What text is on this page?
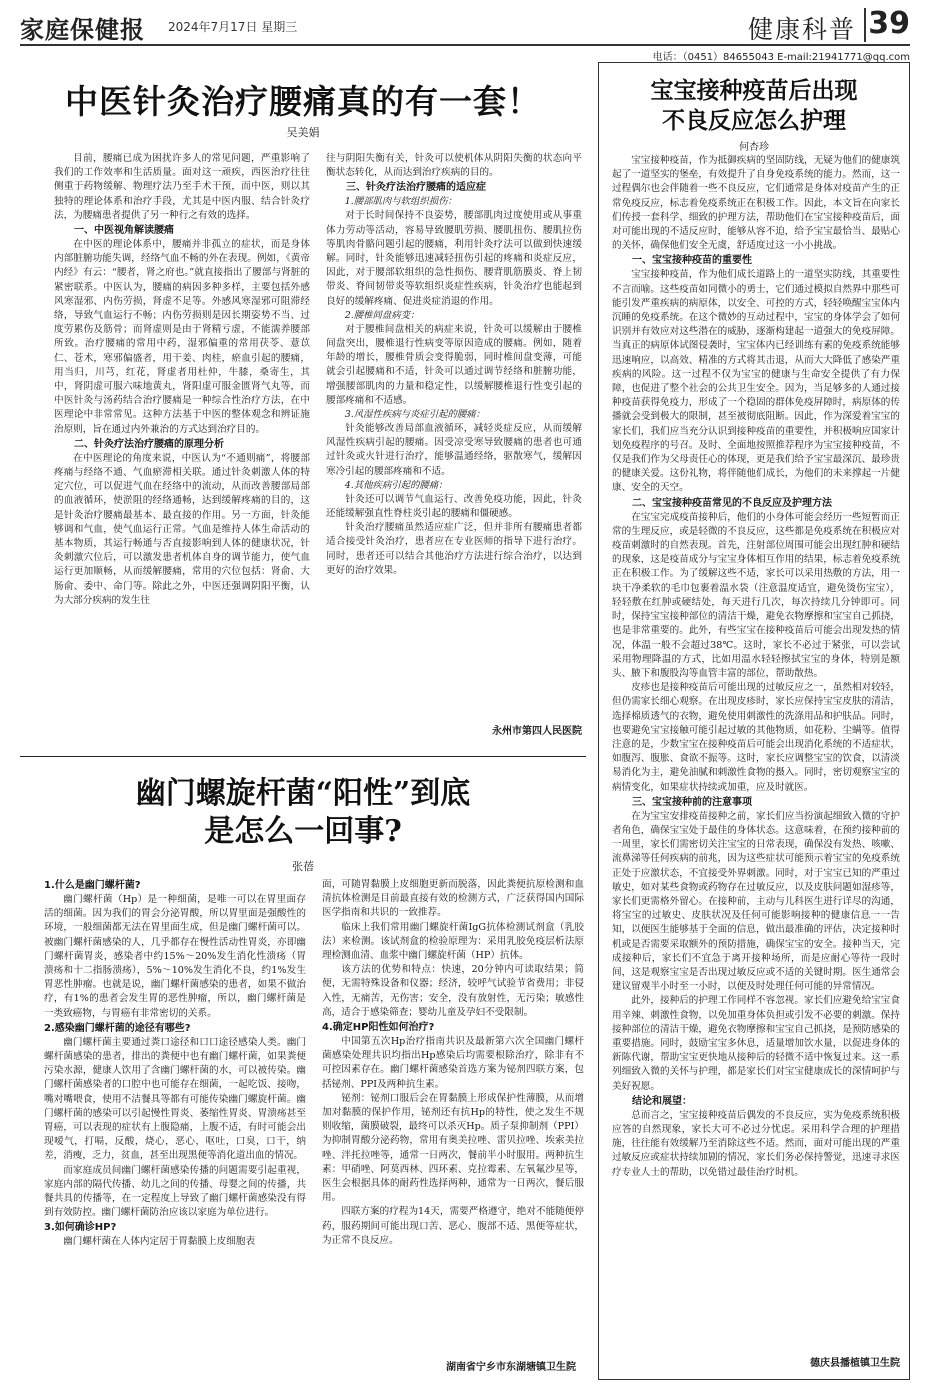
家庭保健报 2024年7月17日 星期三	健康科普 39
电话：（0451）84655043 E-mail:21941771@qq.com
中医针灸治疗腰痛真的有一套！
吴美娟
目前，腰痛已成为困扰许多人的常见问题，严重影响了我们的工作效率和生活质量。面对这一顽疾，西医治疗往往侧重于药物缓解、物理疗法乃至手术干预，而中医，则以其独特的理论体系和治疗手段，尤其是中医内服、结合针灸疗法，为腰痛患者提供了另一种行之有效的选择。
一、中医视角解读腰痛
在中医的理论体系中，腰痛并非孤立的症状，而是身体内部脏腑功能失调，经络气血不畅的外在表现。例如，《黄帝内经》有云：“腰者，肾之府也。”就直接指出了腰部与肾脏的紧密联系。中医认为，腰痛的病因多种多样，主要包括外感风寒湿邪、内伤劳损，肾虚不足等。外感风寒湿邪可阻滞经络，导致气血运行不畅；内伤劳损则是因长期姿势不当、过度劳累伤及筋骨；而肾虚则是由于肾精亏虚，不能濡养腰部所致。治疗腰痛的常用中药，湿邪偏重的常用茯苓、薏苡仁、苍术，寒邪偏盛者，用干姜、肉桂，瘀血引起的腰痛，用当归，川芎，红花，肾虚者用杜仲，牛膝，桑寄生，其中，肾阴虚可服六味地黄丸，肾阳虚可服金匮肾气丸等，而中医针灸与汤药结合治疗腰痛是一种综合性治疗方法，在中医理论中非常常见。这种方法基于中医的整体观念和辨证施治原则，旨在通过内外兼治的方式达到治疗目的。
二、针灸疗法治疗腰痛的原理分析
在中医理论的角度来说，中医认为“不通则痛”，将腰部疼痛与经络不通、气血瘀滞相关联。通过针灸刺激人体的特定穴位，可以促进气血在经络中的流动，从而改善腰部局部的血液循环，使淤阻的经络通畅，达到缓解疼痛的目的，这是针灸治疗腰痛最基本、最直接的作用。另一方面，针灸能够调和气血，使气血运行正常。气血是维持人体生命活动的基本物质，其运行畅通与否直接影响到人体的健康状况，针灸刺激穴位后，可以激发患者机体自身的调节能力，使气血运行更加顺畅，从而缓解腰痛，常用的穴位包括：肾俞、大肠俞、委中、命门等。除此之外，中医还强调阴阳平衡，认为大部分疾病的发生往
往与阴阳失衡有关，针灸可以使机体从阴阳失衡的状态向平衡状态转化，从而达到治疗疾病的目的。
三、针灸疗法治疗腰痛的适应症
1.腰部肌肉与软组织损伤：
对于长时间保持不良姿势，腰部肌肉过度使用或从事重体力劳动等活动，容易导致腰肌劳损、腰肌扭伤、腰肌拉伤等肌肉骨骼问题引起的腰痛，利用针灸疗法可以做到快速缓解。同时，针灸能够迅速减轻扭伤引起的疼痛和炎症反应，因此，对于腰部软组织的急性损伤、腰背肌筋膜炎、脊上韧带炎、脊间韧带炎等软组织炎症性疾病，针灸治疗也能起到良好的缓解疼痛、促进炎症消退的作用。
2.腰椎间盘病变：
对于腰椎间盘相关的病症来说，针灸可以缓解由于腰椎间盘突出，腰椎退行性病变等原因造成的腰痛。例如，随着年龄的增长，腰椎骨质会变得脆弱，同时椎间盘变薄，可能就会引起腰痛和不适，针灸可以通过调节经络和脏腑功能，增强腰部肌肉的力量和稳定性，以缓解腰椎退行性变引起的腰部疼痛和不适感。
3.风湿性疾病与炎症引起的腰痛：
针灸能够改善局部血液循环，减轻炎症反应，从而缓解风湿性疾病引起的腰痛。因受凉受寒导致腰痛的患者也可通过针灸或火针进行治疗，能够温通经络，驱散寒气，缓解因寒冷引起的腰部疼痛和不适。
4.其他疾病引起的腰痛：
针灸还可以调节气血运行、改善免疫功能，因此，针灸还能缓解强直性脊柱炎引起的腰痛和僵硬感。
针灸治疗腰痛虽然适应症广泛，但并非所有腰痛患者都适合接受针灸治疗，患者应在专业医师的指导下进行治疗。同时，患者还可以结合其他治疗方法进行综合治疗，以达到更好的治疗效果。
永州市第四人民医院
幽门螺旋杆菌“阳性”到底
是怎么一回事?
张蓓
1.什么是幽门螺杆菌?
幽门螺杆菌（Hp）是一种细菌，是唯一可以在胃里面存活的细菌。因为我们的胃会分泌胃酸，所以胃里面是强酸性的环境，一般细菌都无法在胃里面生成，但是幽门螺杆菌可以。被幽门螺杆菌感染的人，几乎都存在慢性活动性胃炎，亦即幽门螺杆菌胃炎，感染者中约15%～20%发生消化性溃疡（胃溃疡和十二指肠溃疡），5%～10%发生消化不良，约1%发生胃恶性肿瘤。也就是说，幽门螺杆菌感染的患者，如果不做治疗，有1%的患者会发生胃的恶性肿瘤，所以，幽门螺杆菌是一类致癌物，与胃癌有非常密切的关系。
2.感染幽门螺杆菌的途径有哪些?
幽门螺杆菌主要通过粪口途径和口口途径感染人类。幽门螺杆菌感染的患者，排出的粪便中也有幽门螺杆菌，如果粪便污染水源，健康人饮用了含幽门螺杆菌的水，可以被传染。幽门螺杆菌感染者的口腔中也可能存在细菌，一起吃饭、接吻，嘴对嘴喂食，使用不洁餐具等都有可能传染幽门螺旋杆菌。幽门螺杆菌的感染可以引起慢性胃炎、萎缩性胃炎、胃溃疡甚至胃癌，可以表现的症状有上腹隐痛，上腹不适，有时可能会出现嗳气，打嗝，反酸，烧心，恶心，呕吐，口臭，口干，纳差，消瘦，乏力，贫血，甚至出现黑便等消化道出血的情况。
而家庭成员间幽门螺杆菌感染传播的问题需要引起重视，家庭内部的隔代传播、幼儿之间的传播、母婴之间的传播，共餐共具的传播等，在一定程度上导致了幽门螺杆菌感染没有得到有效防控。幽门螺杆菌防治应该以家庭为单位进行。
3.如何确诊HP?
幽门螺杆菌在人体内定居于胃黏膜上皮细胞表
面，可随胃黏膜上皮细胞更新而脱落，因此粪便抗原检测和血清抗体检测是目前最直接有效的检测方式，广泛获得国内国际医学指南和共识的一致推荐。
临床上我们常用幽门螺旋杆菌IgG抗体检测试剂盒（乳胶法）来检测。该试剂盒的检验原理为：采用乳胶免疫层析法原理检测血清、血浆中幽门螺旋杆菌（HP）抗体。
该方法的优势和特点：快速，20分钟内可读取结果；简便，无需特殊设备和仪器；经济，较呼气试验节省费用；非侵入性，无痛苦，无伤害；安全，没有放射性，无污染；敏感性高，适合于感染筛查；婴幼儿童及孕妇不受限制。
4.确定HP阳性如何治疗?
中国第五次Hp治疗指南共识及最新第六次全国幽门螺杆菌感染处理共识均指出Hp感染后均需要根除治疗，除非有不可控因素存在。幽门螺杆菌感染首选方案为铋剂四联方案，包括铋剂、PPI及两种抗生素。
铋剂：铋剂口服后会在胃黏膜上形成保护性薄膜，从而增加对黏膜的保护作用，铋剂还有抗Hp的特性，使之发生不规则收缩，菌膜破裂，最终可以杀灭Hp。质子泵抑制剂（PPI）为抑制胃酸分泌药物，常用有奥美拉唑、雷贝拉唑、埃索美拉唑、泮托拉唑等，通常一日两次，餐前半小时服用。两种抗生素：甲硝唑、阿莫西林、四环素、克拉霉素、左氧氟沙星等，医生会根据具体的耐药性选择两种，通常为一日两次，餐后服用。
四联方案的疗程为14天，需要严格遵守，绝对不能随便停药，服药期间可能出现口苦、恶心、腹部不适、黑便等症状，为正常不良反应。
湖南省宁乡市东湖塘镇卫生院
宝宝接种疫苗后出现
不良反应怎么护理
何杏珍
宝宝接种疫苗，作为抵御疾病的坚固防线，无疑为他们的健康筑起了一道坚实的堡垒，有效提升了自身免疫系统的能力。然而，这一过程偶尔也会伴随着一些不良反应，它们通常是身体对疫苗产生的正常免疫反应，标志着免疫系统正在积极工作。因此，本文旨在向家长们传授一套科学、细致的护理方法，帮助他们在宝宝接种疫苗后，面对可能出现的不适反应时，能够从容不迫，给予宝宝最恰当、最贴心的关怀，确保他们安全无虞，舒适度过这一小小挑战。
一、宝宝接种疫苗的重要性
宝宝接种疫苗，作为他们成长道路上的一道坚实防线，其重要性不言而喻。这些疫苗如同微小的勇士，它们通过模拟自然界中那些可能引发严重疾病的病原体，以安全、可控的方式，轻轻唤醒宝宝体内沉睡的免疫系统。在这个微妙的互动过程中，宝宝的身体学会了如何识别并有效应对这些潜在的威胁，逐渐构建起一道强大的免疫屏障。当真正的病原体试图侵袭时，宝宝体内已经训练有素的免疫系统能够迅速响应，以高效、精准的方式将其击退，从而大大降低了感染严重疾病的风险。这一过程不仅为宝宝的健康与生命安全提供了有力保障，也促进了整个社会的公共卫生安全。因为，当足够多的人通过接种疫苗获得免疫力，形成了一个稳固的群体免疫屏障时，病原体的传播就会受到极大的限制，甚至被彻底阻断。因此，作为深爱着宝宝的家长们，我们应当充分认识到接种疫苗的重要性，并积极响应国家计划免疫程序的号召。及时、全面地按照推荐程序为宝宝接种疫苗，不仅是我们作为父母责任心的体现，更是我们给予宝宝最深沉、最珍贵的健康关爱。这份礼物，将伴随他们成长，为他们的未来撑起一片健康、安全的天空。
二、宝宝接种疫苗常见的不良反应及护理方法
在宝宝完成疫苗接种后，他们的小身体可能会经历一些短暂而正常的生理反应，或是轻微的不良反应，这些都是免疫系统在积极应对疫苗刺激时的自然表现。首先，注射部位周围可能会出现红肿和硬结的现象，这是疫苗成分与宝宝身体相互作用的结果，标志着免疫系统正在积极工作。为了缓解这些不适，家长可以采用热敷的方法，用一块干净柔软的毛巾包裹着温水袋（注意温度适宜，避免烫伤宝宝），轻轻敷在红肿或硬结处，每天进行几次，每次持续几分钟即可。同时，保持宝宝接种部位的清洁干燥，避免衣物摩擦和宝宝自己抓挠，也是非常重要的。此外，有些宝宝在接种疫苗后可能会出现发热的情况，体温一般不会超过38℃。这时，家长不必过于紧张，可以尝试采用物理降温的方式，比如用温水轻轻擦拭宝宝的身体，特别是额头、腋下和腹股沟等血管丰富的部位，帮助散热。
皮疹也是接种疫苗后可能出现的过敏反应之一，虽然相对较轻，但仍需家长细心观察。在出现皮疹时，家长应保持宝宝皮肤的清洁，选择棉质透气的衣物，避免使用刺激性的洗涤用品和护肤品。同时，也要避免宝宝接触可能引起过敏的其他物质，如花粉、尘螨等。值得注意的是，少数宝宝在接种疫苗后可能会出现消化系统的不适症状，如腹泻、腹胀、食欲不振等。这时，家长应调整宝宝的饮食，以清淡易消化为主，避免油腻和刺激性食物的摄入。同时，密切观察宝宝的病情变化，如果症状持续或加重，应及时就医。
三、宝宝接种前的注意事项
在为宝宝安排疫苗接种之前，家长们应当扮演起细致入微的守护者角色，确保宝宝处于最佳的身体状态。这意味着，在预约接种前的一周里，家长们需密切关注宝宝的日常表现，确保没有发热、咳嗽、流鼻涕等任何疾病的前兆，因为这些症状可能预示着宝宝的免疫系统正处于应激状态，不宜接受外界刺激。同时，对于宝宝已知的严重过敏史，如对某些食物或药物存在过敏反应，以及皮肤问题如湿疹等，家长们更需格外留心。在接种前，主动与儿科医生进行详尽的沟通，将宝宝的过敏史、皮肤状况及任何可能影响接种的健康信息一一告知，以便医生能够基于全面的信息，做出最准确的评估，决定接种时机或是否需要采取额外的预防措施，确保宝宝的安全。接种当天，完成接种后，家长们不宜急于离开接种场所，而是应耐心等待一段时间，这是观察宝宝是否出现过敏反应或不适的关键时期。医生通常会建议留观半小时至一小时，以便及时处理任何可能的异常情况。
此外，接种后的护理工作同样不容忽视。家长们应避免给宝宝食用辛辣、刺激性食物，以免加重身体负担或引发不必要的刺激。保持接种部位的清洁干燥，避免衣物摩擦和宝宝自己抓挠，是预防感染的重要措施。同时，鼓励宝宝多休息，适量增加饮水量，以促进身体的新陈代谢，帮助宝宝更快地从接种后的轻微不适中恢复过来。这一系列细致入微的关怀与护理，都是家长们对宝宝健康成长的深情呵护与美好祝愿。
结论和展望：
总而言之，宝宝接种疫苗后偶发的不良反应，实为免疫系统积极应答的自然现象，家长大可不必过分忧虑。采用科学合理的护理措施，往往能有效缓解乃至消除这些不适。然而，面对可能出现的严重过敏反应或症状持续加剧的情况，家长们务必保持警觉，迅速寻求医疗专业人士的帮助，以免错过最佳治疗时机。
德庆县播植镇卫生院
